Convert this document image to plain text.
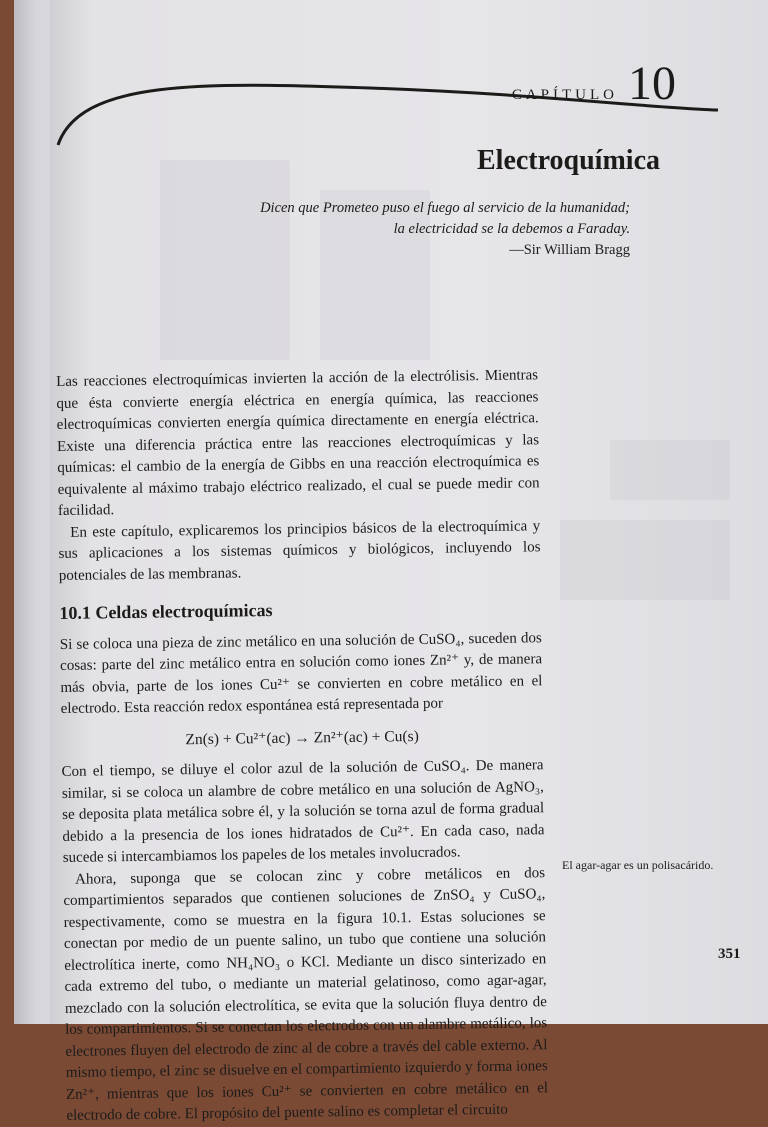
CAPÍTULO 10
Electroquímica
Dicen que Prometeo puso el fuego al servicio de la humanidad;
la electricidad se la debemos a Faraday.
—Sir William Bragg

Las reacciones electroquímicas invierten la acción de la electrólisis. Mientras que ésta convierte energía eléctrica en energía química, las reacciones electroquímicas convierten energía química directamente en energía eléctrica. Existe una diferencia práctica entre las reacciones electroquímicas y las químicas: el cambio de la energía de Gibbs en una reacción electroquímica es equivalente al máximo trabajo eléctrico realizado, el cual se puede medir con facilidad.

En este capítulo, explicaremos los principios básicos de la electroquímica y sus aplicaciones a los sistemas químicos y biológicos, incluyendo los potenciales de las membranas.

10.1 Celdas electroquímicas

Si se coloca una pieza de zinc metálico en una solución de CuSO₄, suceden dos cosas: parte del zinc metálico entra en solución como iones Zn²⁺ y, de manera más obvia, parte de los iones Cu²⁺ se convierten en cobre metálico en el electrodo. Esta reacción redox espontánea está representada por

Zn(s) + Cu²⁺(ac) → Zn²⁺(ac) + Cu(s)

Con el tiempo, se diluye el color azul de la solución de CuSO₄. De manera similar, si se coloca un alambre de cobre metálico en una solución de AgNO₃, se deposita plata metálica sobre él, y la solución se torna azul de forma gradual debido a la presencia de los iones hidratados de Cu²⁺. En cada caso, nada sucede si intercambiamos los papeles de los metales involucrados.

Ahora, suponga que se colocan zinc y cobre metálicos en dos compartimientos separados que contienen soluciones de ZnSO₄ y CuSO₄, respectivamente, como se muestra en la figura 10.1. Estas soluciones se conectan por medio de un puente salino, un tubo que contiene una solución electrolítica inerte, como NH₄NO₃ o KCl. Mediante un disco sinterizado en cada extremo del tubo, o mediante un material gelatinoso, como agar-agar, mezclado con la solución electrolítica, se evita que la solución fluya dentro de los compartimientos. Si se conectan los electrodos con un alambre metálico, los electrones fluyen del electrodo de zinc al de cobre a través del cable externo. Al mismo tiempo, el zinc se disuelve en el compartimiento izquierdo y forma iones Zn²⁺, mientras que los iones Cu²⁺ se convierten en cobre metálico en el electrodo de cobre. El propósito del puente salino es completar el circuito

El agar-agar es un polisacárido.
351
